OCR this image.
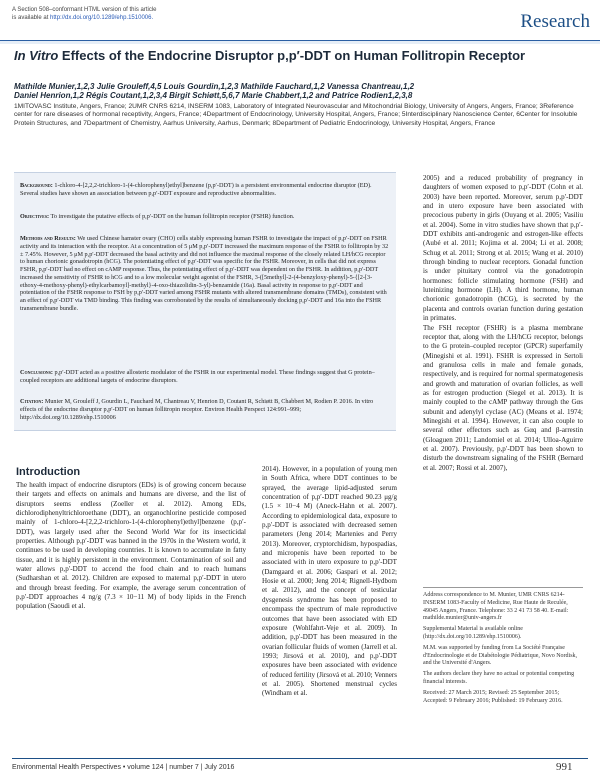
A Section 508–conformant HTML version of this article
is available at http://dx.doi.org/10.1289/ehp.1510006.	Research
In Vitro Effects of the Endocrine Disruptor p,p′-DDT on Human Follitropin Receptor
Mathilde Munier,1,2,3 Julie Grouleff,4,5 Louis Gourdin,1,2,3 Mathilde Fauchard,1,2 Vanessa Chantreau,1,2
Daniel Henrion,1,2 Régis Coutant,1,2,3,4 Birgit Schiøtt,5,6,7 Marie Chabbert,1,2 and Patrice Rodien1,2,3,8
1MITOVASC Institute, Angers, France; 2UMR CNRS 6214, INSERM 1083, Laboratory of Integrated Neurovascular and Mitochondrial Biology, University of Angers, Angers, France; 3Reference center for rare diseases of hormonal receptivity, Angers, France; 4Department of Endocrinology, University Hospital, Angers, France; 5Interdisciplinary Nanoscience Center, 6Center for Insoluble Protein Structures, and 7Department of Chemistry, Aarhus University, Aarhus, Denmark; 8Department of Pediatric Endocrinology, University Hospital, Angers, France
Background: 1-chloro-4-[2,2,2-trichloro-1-(4-chlorophenyl)ethyl]benzene (p,p′-DDT) is a persistent environmental endocrine disruptor (ED). Several studies have shown an association between p,p′-DDT exposure and reproductive abnormalities.
Objectives: To investigate the putative effects of p,p′-DDT on the human follitropin receptor (FSHR) function.
Methods and Results: We used Chinese hamster ovary (CHO) cells stably expressing human FSHR to investigate the impact of p,p′-DDT on FSHR activity and its interaction with the receptor. At a concentration of 5 μM p,p′-DDT increased the maximum response of the FSHR to follitropin by 32 ± 7.45%. However, 5 μM p,p′-DDT decreased the basal activity and did not influence the maximal response of the closely related LH/hCG receptor to human chorionic gonadotropin (hCG). The potentiating effect of p,p′-DDT was specific for the FSHR. Moreover, in cells that did not express FSHR, p,p′-DDT had no effect on cAMP response. Thus, the potentiating effect of p,p′-DDT was dependent on the FSHR. In addition, p,p′-DDT increased the sensitivity of FSHR to hCG and to a low molecular weight agonist of the FSHR, 3-([5methyl]-2-(4-benzyloxy-phenyl)-5-{[2-[3-ethoxy-4-methoxy-phenyl)-ethylcarbamoyl]-methyl}-4-oxo-thiazolidin-3-yl)-benzamide (16a). Basal activity in response to p,p′-DDT and potentiation of the FSHR response to FSH by p,p′-DDT varied among FSHR mutants with altered transmembrane domains (TMDs), consistent with an effect of p,p′-DDT via TMD binding. This finding was corroborated by the results of simultaneously docking p,p′-DDT and 16a into the FSHR transmembrane bundle.
Conclusions: p,p′-DDT acted as a positive allosteric modulator of the FSHR in our experimental model. These findings suggest that G protein–coupled receptors are additional targets of endocrine disruptors.
Citation: Munier M, Grouleff J, Gourdin L, Fauchard M, Chantreau V, Henrion D, Coutant R, Schiøtt B, Chabbert M, Rodien P. 2016. In vitro effects of the endocrine disruptor p,p′-DDT on human follitropin receptor. Environ Health Perspect 124:991–999; http://dx.doi.org/10.1289/ehp.1510006
Introduction
The health impact of endocrine disruptors (EDs) is of growing concern because their targets and effects on animals and humans are diverse, and the list of disruptors seems endless (Zoeller et al. 2012). Among EDs, dichlorodiphenyltrichloroethane (DDT), an organochlorine pesticide composed mainly of 1-chloro-4-[2,2,2-trichloro-1-(4-chlorophenyl)ethyl]benzene (p,p′-DDT), was largely used after the Second World War for its insecticidal properties. Although p,p′-DDT was banned in the 1970s in the Western world, it continues to be used in developing countries. It is known to accumulate in fatty tissue, and it is highly persistent in the environment. Contamination of soil and water allows p,p′-DDT to accend the food chain and to reach humans (Sudharshan et al. 2012). Children are exposed to maternal p,p′-DDT in utero and through breast feeding. For example, the average serum concentration of p,p′-DDT approaches 4 ng/g (7.3 × 10−11 M) of body lipids in the French population (Saoudi et al.
2014). However, in a population of young men in South Africa, where DDT continues to be sprayed, the average lipid-adjusted serum concentration of p,p′-DDT reached 90.23 μg/g (1.5 × 10−4 M) (Aneck-Hahn et al. 2007). According to epidemiological data, exposure to p,p′-DDT is associated with decreased semen parameters (Jeng 2014; Martenies and Perry 2013). Moreover, cryptorchidism, hypospadias, and micropenis have been reported to be associated with in utero exposure to p,p′-DDT (Damgaard et al. 2006; Gaspari et al. 2012; Hosie et al. 2000; Jeng 2014; Rignell-Hydbom et al. 2012), and the concept of testicular dysgenesis syndrome has been proposed to encompass the spectrum of male reproductive outcomes that have been associated with ED exposure (Wohlfahrt-Veje et al. 2009). In addition, p,p′-DDT has been measured in the ovarian follicular fluids of women (Jarrell et al. 1993; Jirsová et al. 2010), and p,p′-DDT exposures have been associated with evidence of reduced fertility (Jirsová et al. 2010; Venners et al. 2005). Shortened menstrual cycles (Windham et al.
2005) and a reduced probability of pregnancy in daughters of women exposed to p,p′-DDT (Cohn et al. 2003) have been reported. Moreover, serum p,p′-DDT and in utero exposure have been associated with precocious puberty in girls (Ouyang et al. 2005; Vasiliu et al. 2004). Some in vitro studies have shown that p,p′-DDT exhibits anti-androgenic and estrogen-like effects (Aubé et al. 2011; Kojima et al. 2004; Li et al. 2008; Schug et al. 2011; Strong et al. 2015; Wang et al. 2010) through binding to nuclear receptors. Gonadal function is under pituitary control via the gonadotropin hormones: follicle stimulating hormone (FSH) and luteinizing hormone (LH). A third hormone, human chorionic gonadotropin (hCG), is secreted by the placenta and controls ovarian function during gestation in primates.
The FSH receptor (FSHR) is a plasma membrane receptor that, along with the LH/hCG receptor, belongs to the G protein–coupled receptor (GPCR) superfamily (Minegishi et al. 1991). FSHR is expressed in Sertoli and granulosa cells in male and female gonads, respectively, and is required for normal spermatogenesis and growth and maturation of ovarian follicles, as well as for estrogen production (Siegel et al. 2013). It is mainly coupled to the cAMP pathway through the Gαs subunit and adenylyl cyclase (AC) (Means et al. 1974; Minegishi et al. 1994). However, it can also couple to several other effectors such as Gαq and β-arrestin (Gloaguen 2011; Landomiel et al. 2014; Ulloa-Aguirre et al. 2007). Previously, p,p′-DDT has been shown to disturb the downstream signaling of the FSHR (Bernard et al. 2007; Rossi et al. 2007),
Address correspondence to M. Munier, UMR CNRS 6214-INSERM 1083-Faculty of Medicine, Rue Haute de Reculée, 49045 Angers, France. Telephone: 33 2 41 73 58 40. E-mail: mathilde.munier@univ-angers.fr
Supplemental Material is available online (http://dx.doi.org/10.1289/ehp.1510006).
M.M. was supported by funding from La Société Française d'Endocrinologie et de Diabétologie Pédiatrique, Novo Nordisk, and the Université d'Angers.
The authors declare they have no actual or potential competing financial interests.
Received: 27 March 2015; Revised: 25 September 2015; Accepted: 9 February 2016; Published: 19 February 2016.
Environmental Health Perspectives • volume 124 | number 7 | July 2016	991
